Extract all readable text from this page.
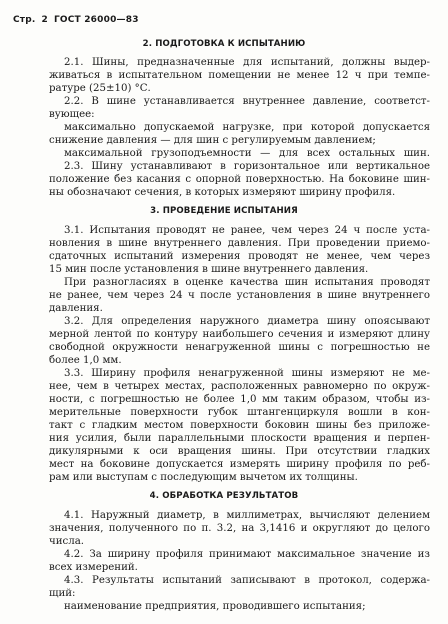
Стр. 2 ГОСТ 26000—83
2. ПОДГОТОВКА К ИСПЫТАНИЮ
2.1. Шины, предназначенные для испытаний, должны выдер-
живаться в испытательном помещении не менее 12 ч при темпе-
ратуре (25±10) °С.
2.2. В шине устанавливается внутреннее давление, соответст-
вующее:
максимально допускаемой нагрузке, при которой допускается
снижение давления — для шин с регулируемым давлением;
максимальной грузоподъемности — для всех остальных шин.
2.3. Шину устанавливают в горизонтальное или вертикальное
положение без касания с опорной поверхностью. На боковине шин-
ны обозначают сечения, в которых измеряют ширину профиля.
3. ПРОВЕДЕНИЕ ИСПЫТАНИЯ
3.1. Испытания проводят не ранее, чем через 24 ч после уста-
новления в шине внутреннего давления. При проведении приемо-
сдаточных испытаний измерения проводят не менее, чем через
15 мин после установления в шине внутреннего давления.
При разногласиях в оценке качества шин испытания проводят
не ранее, чем через 24 ч после установления в шине внутреннего
давления.
3.2. Для определения наружного диаметра шину опоясывают
мерной лентой по контуру наибольшего сечения и измеряют длину
свободной окружности ненагруженной шины с погрешностью не
более 1,0 мм.
3.3. Ширину профиля ненагруженной шины измеряют не ме-
нее, чем в четырех местах, расположенных равномерно по окруж-
ности, с погрешностью не более 1,0 мм таким образом, чтобы из-
мерительные поверхности губок штангенциркуля вошли в кон-
такт с гладким местом поверхности боковин шины без приложе-
ния усилия, были параллельными плоскости вращения и перпен-
дикулярными к оси вращения шины. При отсутствии гладких
мест на боковине допускается измерять ширину профиля по реб-
рам или выступам с последующим вычетом их толщины.
4. ОБРАБОТКА РЕЗУЛЬТАТОВ
4.1. Наружный диаметр, в миллиметрах, вычисляют делением
значения, полученного по п. 3.2, на 3,1416 и округляют до целого
числа.
4.2. За ширину профиля принимают максимальное значение из
всех измерений.
4.3. Результаты испытаний записывают в протокол, содержа-
щий:
наименование предприятия, проводившего испытания;
